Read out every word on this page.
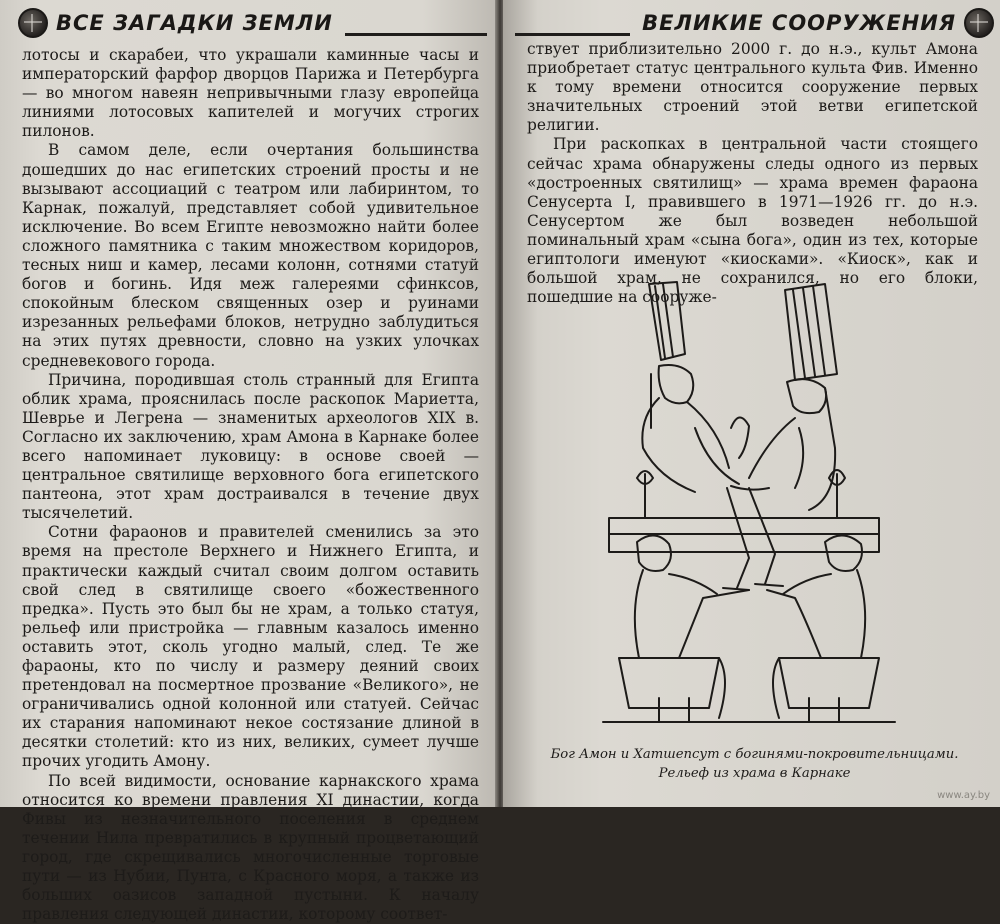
ВСЕ ЗАГАДКИ ЗЕМЛИ

лотосы и скарабеи, что украшали каминные часы и императорский фарфор дворцов Парижа и Петербурга — во многом навеян непривычными глазу европейца линиями лотосовых капителей и могучих строгих пилонов.

В самом деле, если очертания большинства дошедших до нас египетских строений просты и не вызывают ассоциаций с театром или лабиринтом, то Карнак, пожалуй, представляет собой удивительное исключение. Во всем Египте невозможно найти более сложного памятника с таким множеством коридоров, тесных ниш и камер, лесами колонн, сотнями статуй богов и богинь. Идя меж галереями сфинксов, спокойным блеском священных озер и руинами изрезанных рельефами блоков, нетрудно заблудиться на этих путях древности, словно на узких улочках средневекового города.

Причина, породившая столь странный для Египта облик храма, прояснилась после раскопок Мариетта, Шеврье и Легрена — знаменитых археологов XIX в. Согласно их заключению, храм Амона в Карнаке более всего напоминает луковицу: в основе своей — центральное святилище верховного бога египетского пантеона, этот храм достраивался в течение двух тысячелетий.

Сотни фараонов и правителей сменились за это время на престоле Верхнего и Нижнего Египта, и практически каждый считал своим долгом оставить свой след в святилище своего «божественного предка». Пусть это был бы не храм, а только статуя, рельеф или пристройка — главным казалось именно оставить этот, сколь угодно малый, след. Те же фараоны, кто по числу и размеру деяний своих претендовал на посмертное прозвание «Великого», не ограничивались одной колонной или статуей. Сейчас их старания напоминают некое состязание длиной в десятки столетий: кто из них, великих, сумеет лучше прочих угодить Амону.

По всей видимости, основание карнакского храма относится ко времени правления XI династии, когда Фивы из незначительного поселения в среднем течении Нила превратились в крупный процветающий город, где скрещивались многочисленные торговые пути — из Нубии, Пунта, с Красного моря, а также из больших оазисов западной пустыни. К началу правления следующей династии, которому соответ-

ВЕЛИКИЕ СООРУЖЕНИЯ

ствует приблизительно 2000 г. до н.э., культ Амона приобретает статус центрального культа Фив. Именно к тому времени относится сооружение первых значительных строений этой ветви египетской религии.

При раскопках в центральной части стоящего сейчас храма обнаружены следы одного из первых «достроенных святилищ» — храма времен фараона Сенусерта I, правившего в 1971—1926 гг. до н.э. Сенусертом же был возведен небольшой поминальный храм «сына бога», один из тех, которые египтологи именуют «киосками». «Киоск», как и большой храм, не сохранился, но его блоки, пошедшие на сооруже-

Бог Амон и Хатшепсут с богинями-покровительницами. Рельеф из храма в Карнаке
www.ay.by
